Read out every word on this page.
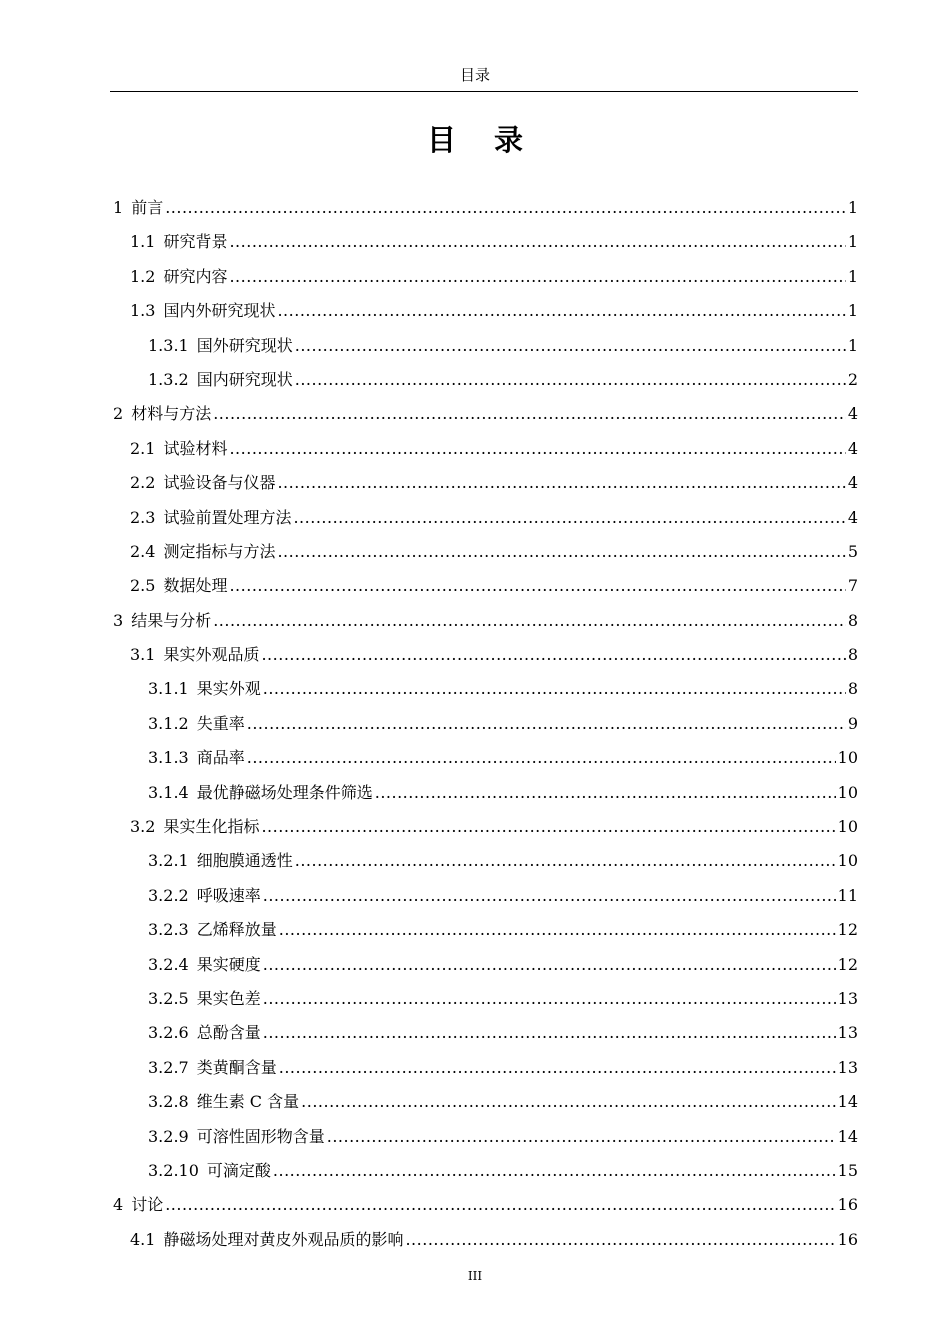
目录
目 录
1 前言 .....	1
1.1 研究背景 .....	1
1.2 研究内容 .....	1
1.3 国内外研究现状 .....	1
1.3.1 国外研究现状 .....	1
1.3.2 国内研究现状 .....	2
2 材料与方法 .....	4
2.1 试验材料 .....	4
2.2 试验设备与仪器 .....	4
2.3 试验前置处理方法 .....	4
2.4 测定指标与方法 .....	5
2.5 数据处理 .....	7
3 结果与分析 .....	8
3.1 果实外观品质 .....	8
3.1.1 果实外观 .....	8
3.1.2 失重率 .....	9
3.1.3 商品率 .....	10
3.1.4 最优静磁场处理条件筛选 .....	10
3.2 果实生化指标 .....	10
3.2.1 细胞膜通透性 .....	10
3.2.2 呼吸速率 .....	11
3.2.3 乙烯释放量 .....	12
3.2.4 果实硬度 .....	12
3.2.5 果实色差 .....	13
3.2.6 总酚含量 .....	13
3.2.7 类黄酮含量 .....	13
3.2.8 维生素 C 含量 .....	14
3.2.9 可溶性固形物含量 .....	14
3.2.10 可滴定酸 .....	15
4 讨论 .....	16
4.1 静磁场处理对黄皮外观品质的影响 .....	16
III
